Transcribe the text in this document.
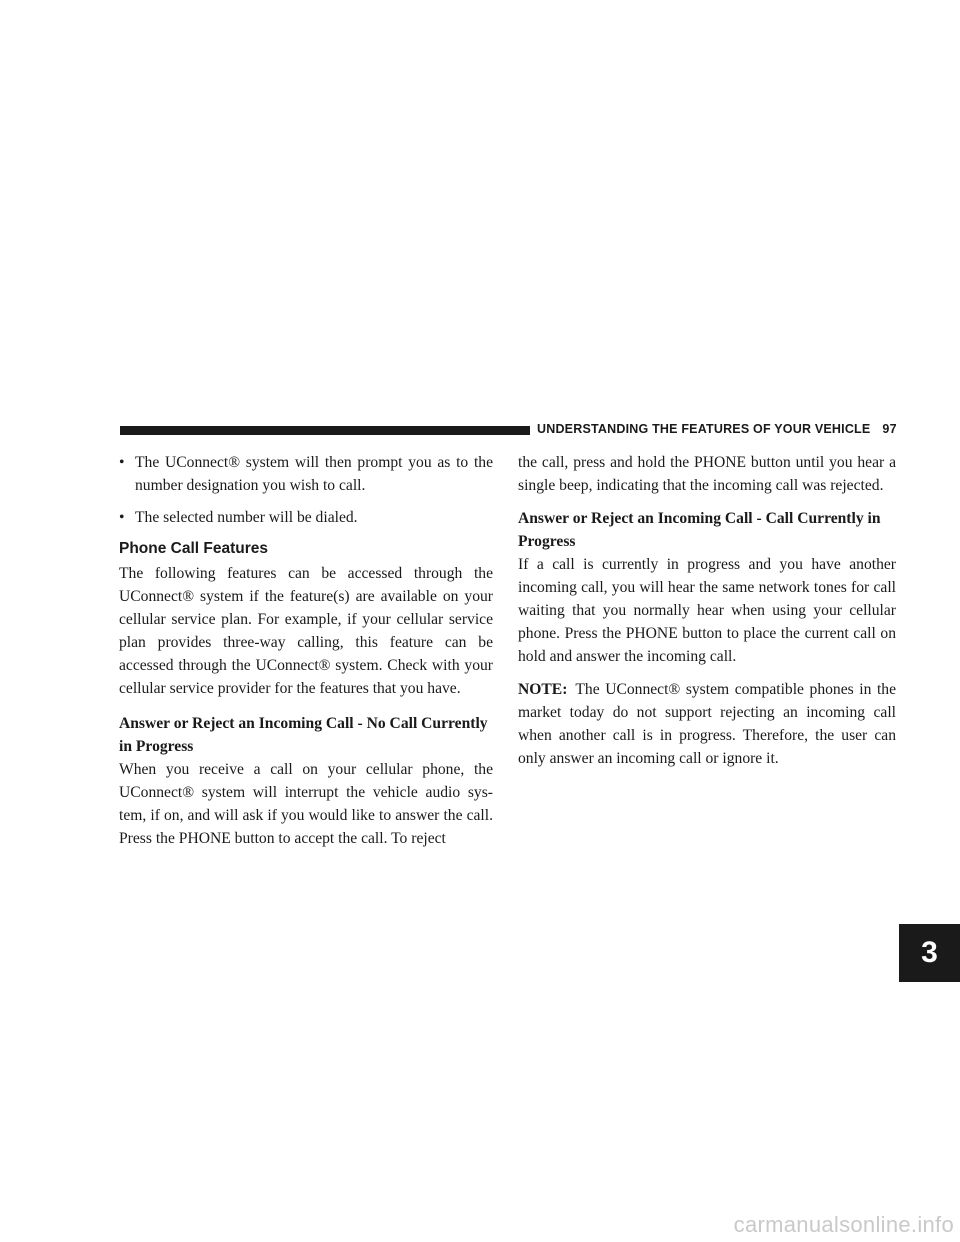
UNDERSTANDING THE FEATURES OF YOUR VEHICLE 97
3

• The UConnect® system will then prompt you as to the number designation you wish to call.

• The selected number will be dialed.

Phone Call Features

The following features can be accessed through the UConnect® system if the feature(s) are available on your cellular service plan. For example, if your cellular service plan provides three-way calling, this feature can be accessed through the UConnect® system. Check with your cellular service provider for the features that you have.

Answer or Reject an Incoming Call - No Call Currently in Progress

When you receive a call on your cellular phone, the UConnect® system will interrupt the vehicle audio sys-tem, if on, and will ask if you would like to answer the call. Press the PHONE button to accept the call. To reject

the call, press and hold the PHONE button until you hear a single beep, indicating that the incoming call was rejected.

Answer or Reject an Incoming Call - Call Currently in Progress

If a call is currently in progress and you have another incoming call, you will hear the same network tones for call waiting that you normally hear when using your cellular phone. Press the PHONE button to place the current call on hold and answer the incoming call.

NOTE: The UConnect® system compatible phones in the market today do not support rejecting an incoming call when another call is in progress. Therefore, the user can only answer an incoming call or ignore it.

carmanualsonline.info
